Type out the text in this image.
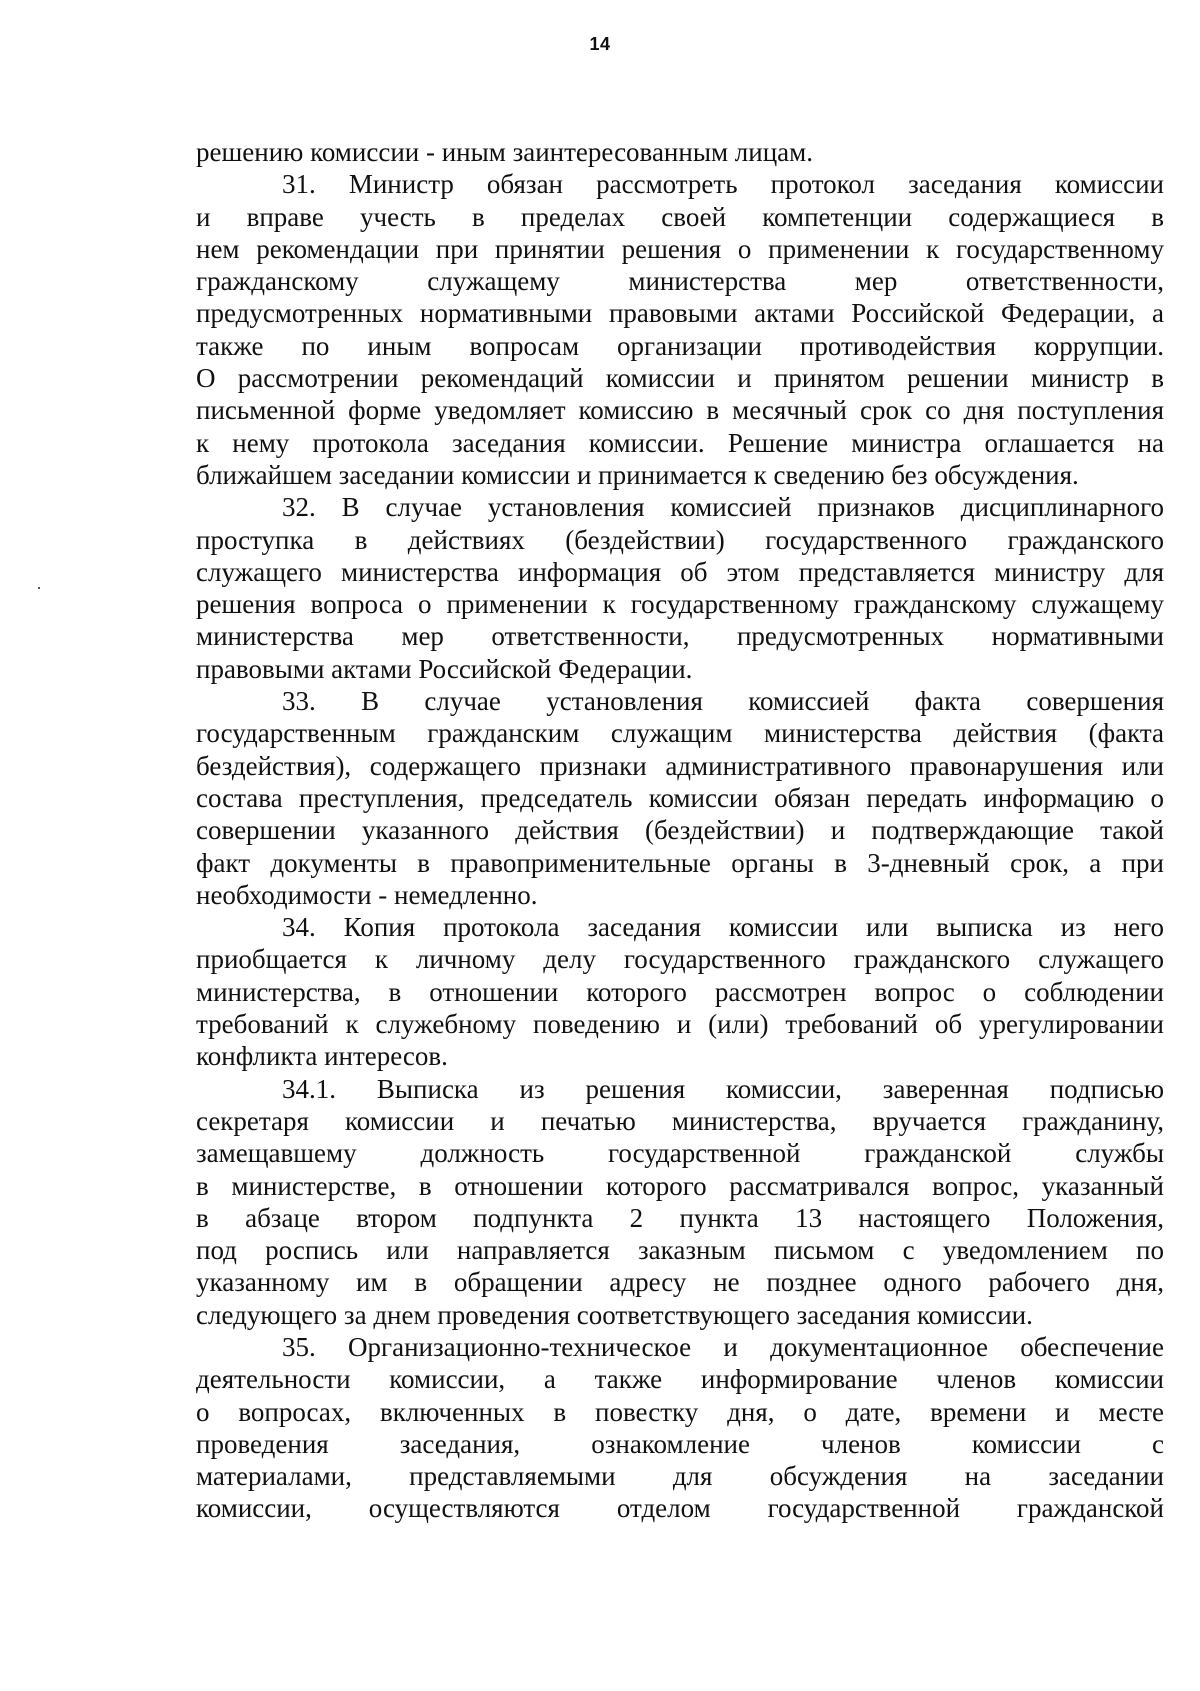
14
решению комиссии - иным заинтересованным лицам.
31. Министр обязан рассмотреть протокол заседания комиссии
и вправе учесть в пределах своей компетенции содержащиеся в
нем рекомендации при принятии решения о применении к государственному
гражданскому служащему министерства мер ответственности,
предусмотренных нормативными правовыми актами Российской Федерации, а
также по иным вопросам организации противодействия коррупции.
О рассмотрении рекомендаций комиссии и принятом решении министр в
письменной форме уведомляет комиссию в месячный срок со дня поступления
к нему протокола заседания комиссии. Решение министра оглашается на
ближайшем заседании комиссии и принимается к сведению без обсуждения.
32. В случае установления комиссией признаков дисциплинарного
проступка в действиях (бездействии) государственного гражданского
служащего министерства информация об этом представляется министру для
решения вопроса о применении к государственному гражданскому служащему
министерства мер ответственности, предусмотренных нормативными
правовыми актами Российской Федерации.
33. В случае установления комиссией факта совершения
государственным гражданским служащим министерства действия (факта
бездействия), содержащего признаки административного правонарушения или
состава преступления, председатель комиссии обязан передать информацию о
совершении указанного действия (бездействии) и подтверждающие такой
факт документы в правоприменительные органы в 3-дневный срок, а при
необходимости - немедленно.
34. Копия протокола заседания комиссии или выписка из него
приобщается к личному делу государственного гражданского служащего
министерства, в отношении которого рассмотрен вопрос о соблюдении
требований к служебному поведению и (или) требований об урегулировании
конфликта интересов.
34.1. Выписка из решения комиссии, заверенная подписью
секретаря комиссии и печатью министерства, вручается гражданину,
замещавшему должность государственной гражданской службы
в министерстве, в отношении которого рассматривался вопрос, указанный
в абзаце втором подпункта 2 пункта 13 настоящего Положения,
под роспись или направляется заказным письмом с уведомлением по
указанному им в обращении адресу не позднее одного рабочего дня,
следующего за днем проведения соответствующего заседания комиссии.
35. Организационно-техническое и документационное обеспечение
деятельности комиссии, а также информирование членов комиссии
о вопросах, включенных в повестку дня, о дате, времени и месте
проведения заседания, ознакомление членов комиссии с
материалами, представляемыми для обсуждения на заседании
комиссии, осуществляются отделом государственной гражданской
